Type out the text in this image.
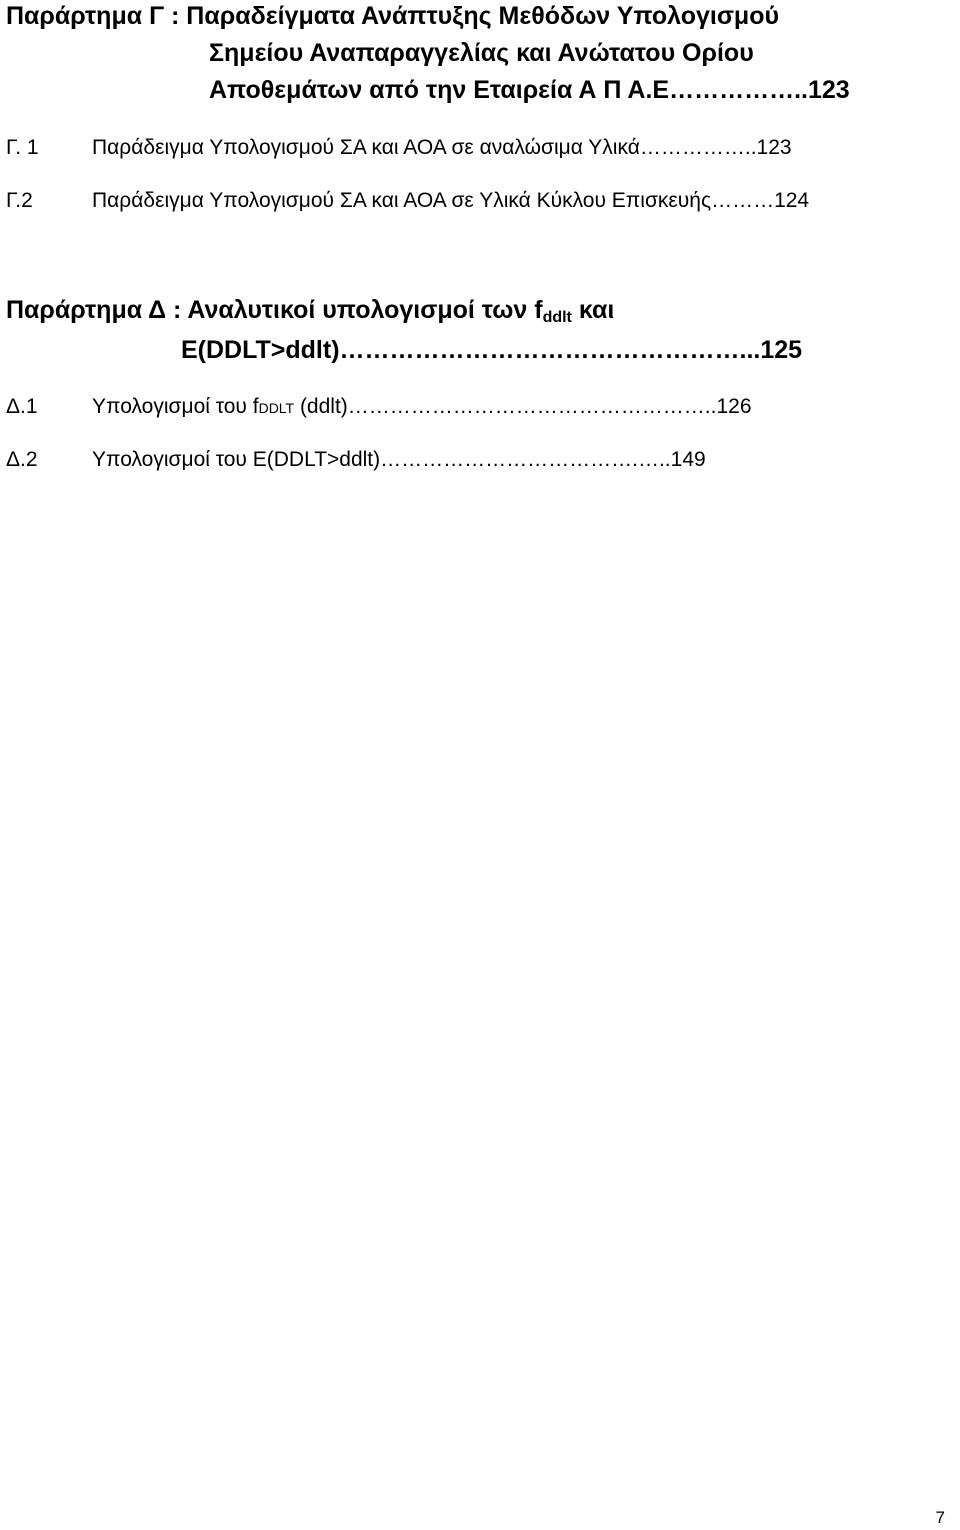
Παράρτημα Γ : Παραδείγματα Ανάπτυξης Μεθόδων Υπολογισμού
Σημείου Αναπαραγγελίας και Ανώτατου Ορίου
Αποθεμάτων από την Εταιρεία Α Π Α.Ε……………..123
Γ. 1	Παράδειγμα Υπολογισμού ΣΑ και ΑΟΑ σε αναλώσιμα Υλικά……………..123
Γ.2	Παράδειγμα Υπολογισμού ΣΑ και ΑΟΑ σε Υλικά Κύκλου Επισκευής………124
Παράρτημα Δ : Αναλυτικοί υπολογισμοί των fddlt και
E(DDLT>ddlt)…………………………………………...125
Δ.1	Υπολογισμοί του fDDLT (ddlt)……………………………………………..126
Δ.2	Υπολογισμοί του E(DDLT>ddlt)……………………………….…..149
7
